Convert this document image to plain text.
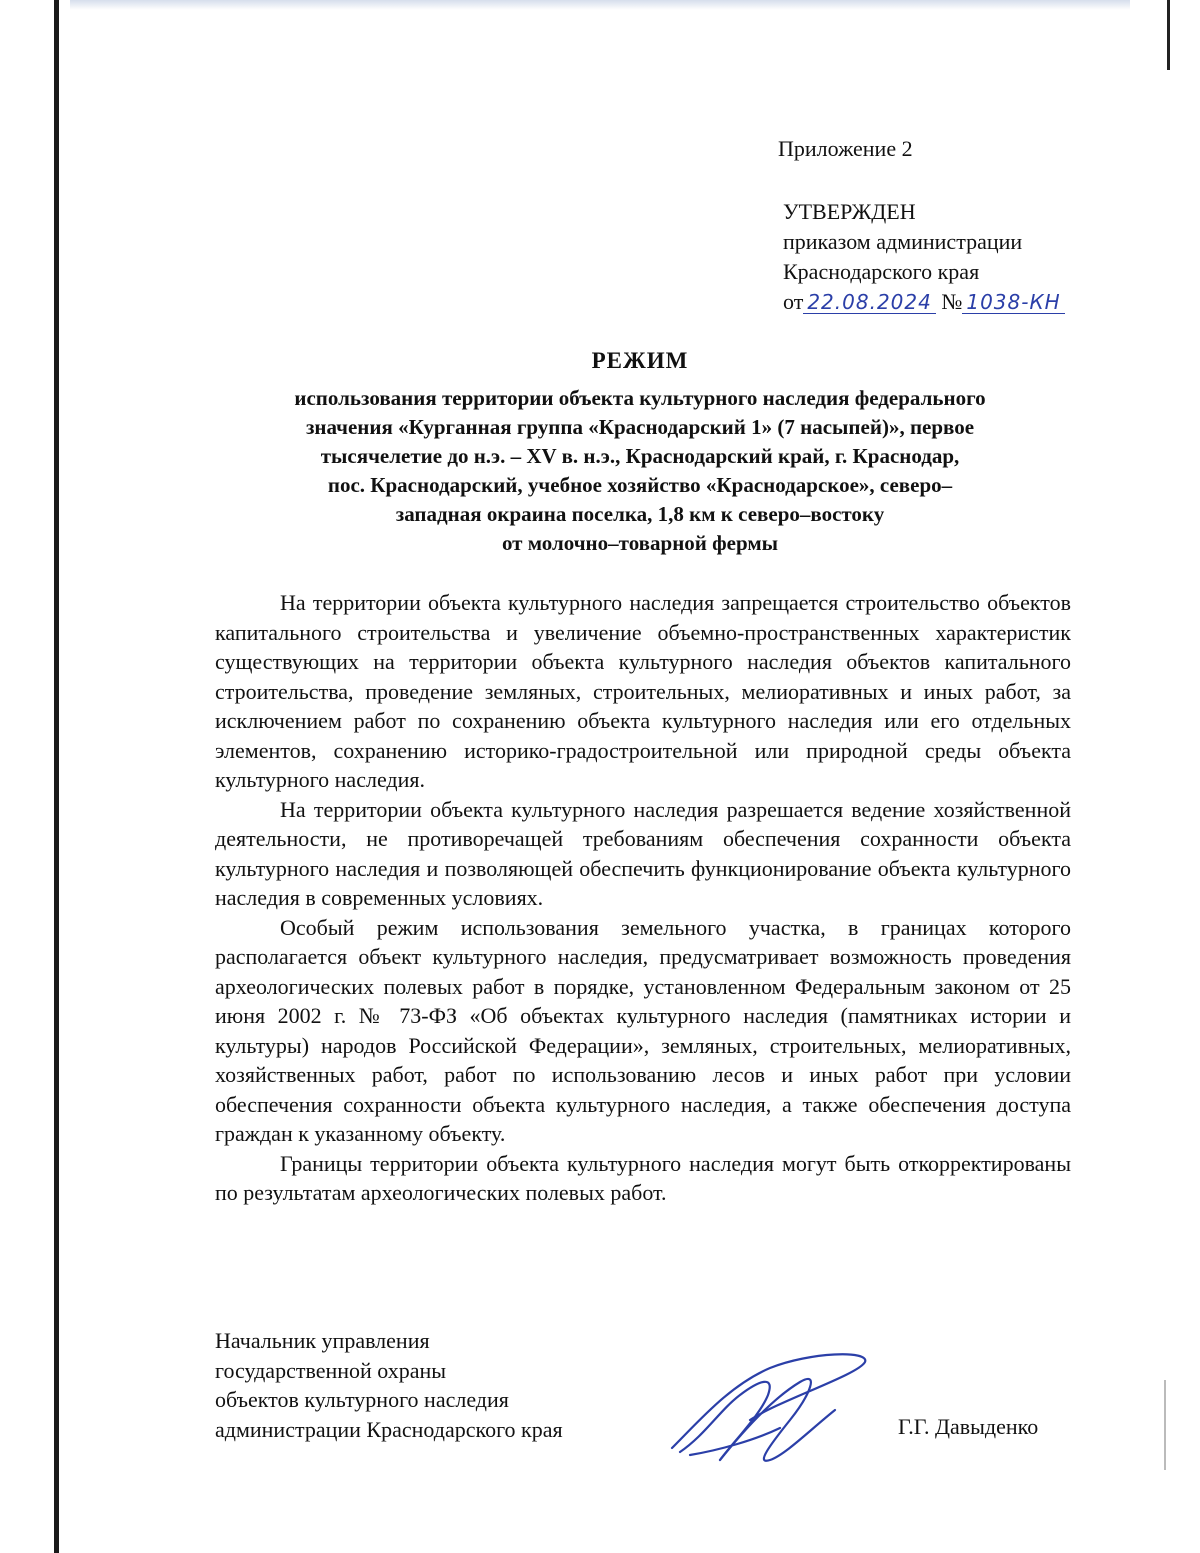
Приложение 2
УТВЕРЖДЕН
приказом администрации
Краснодарского края
от 22.08.2024 № 1038-КН
РЕЖИМ
использования территории объекта культурного наследия федерального
значения «Курганная группа «Краснодарский 1» (7 насыпей)», первое
тысячелетие до н.э. – XV в. н.э., Краснодарский край, г. Краснодар,
пос. Краснодарский, учебное хозяйство «Краснодарское», северо–
западная окраина поселка, 1,8 км к северо–востоку
от молочно–товарной фермы

На территории объекта культурного наследия запрещается строительство объектов капитального строительства и увеличение объемно-пространственных характеристик существующих на территории объекта культурного наследия объектов капитального строительства, проведение земляных, строительных, мелиоративных и иных работ, за исключением работ по сохранению объекта культурного наследия или его отдельных элементов, сохранению историко-градостроительной или природной среды объекта культурного наследия.

На территории объекта культурного наследия разрешается ведение хозяйственной деятельности, не противоречащей требованиям обеспечения сохранности объекта культурного наследия и позволяющей обеспечить функционирование объекта культурного наследия в современных условиях.

Особый режим использования земельного участка, в границах которого располагается объект культурного наследия, предусматривает возможность проведения археологических полевых работ в порядке, установленном Федеральным законом от 25 июня 2002 г. № 73-ФЗ «Об объектах культурного наследия (памятниках истории и культуры) народов Российской Федерации», земляных, строительных, мелиоративных, хозяйственных работ, работ по использованию лесов и иных работ при условии обеспечения сохранности объекта культурного наследия, а также обеспечения доступа граждан к указанному объекту.

Границы территории объекта культурного наследия могут быть откорректированы по результатам археологических полевых работ.

Начальник управления
государственной охраны
объектов культурного наследия
администрации Краснодарского края	Г.Г. Давыденко
